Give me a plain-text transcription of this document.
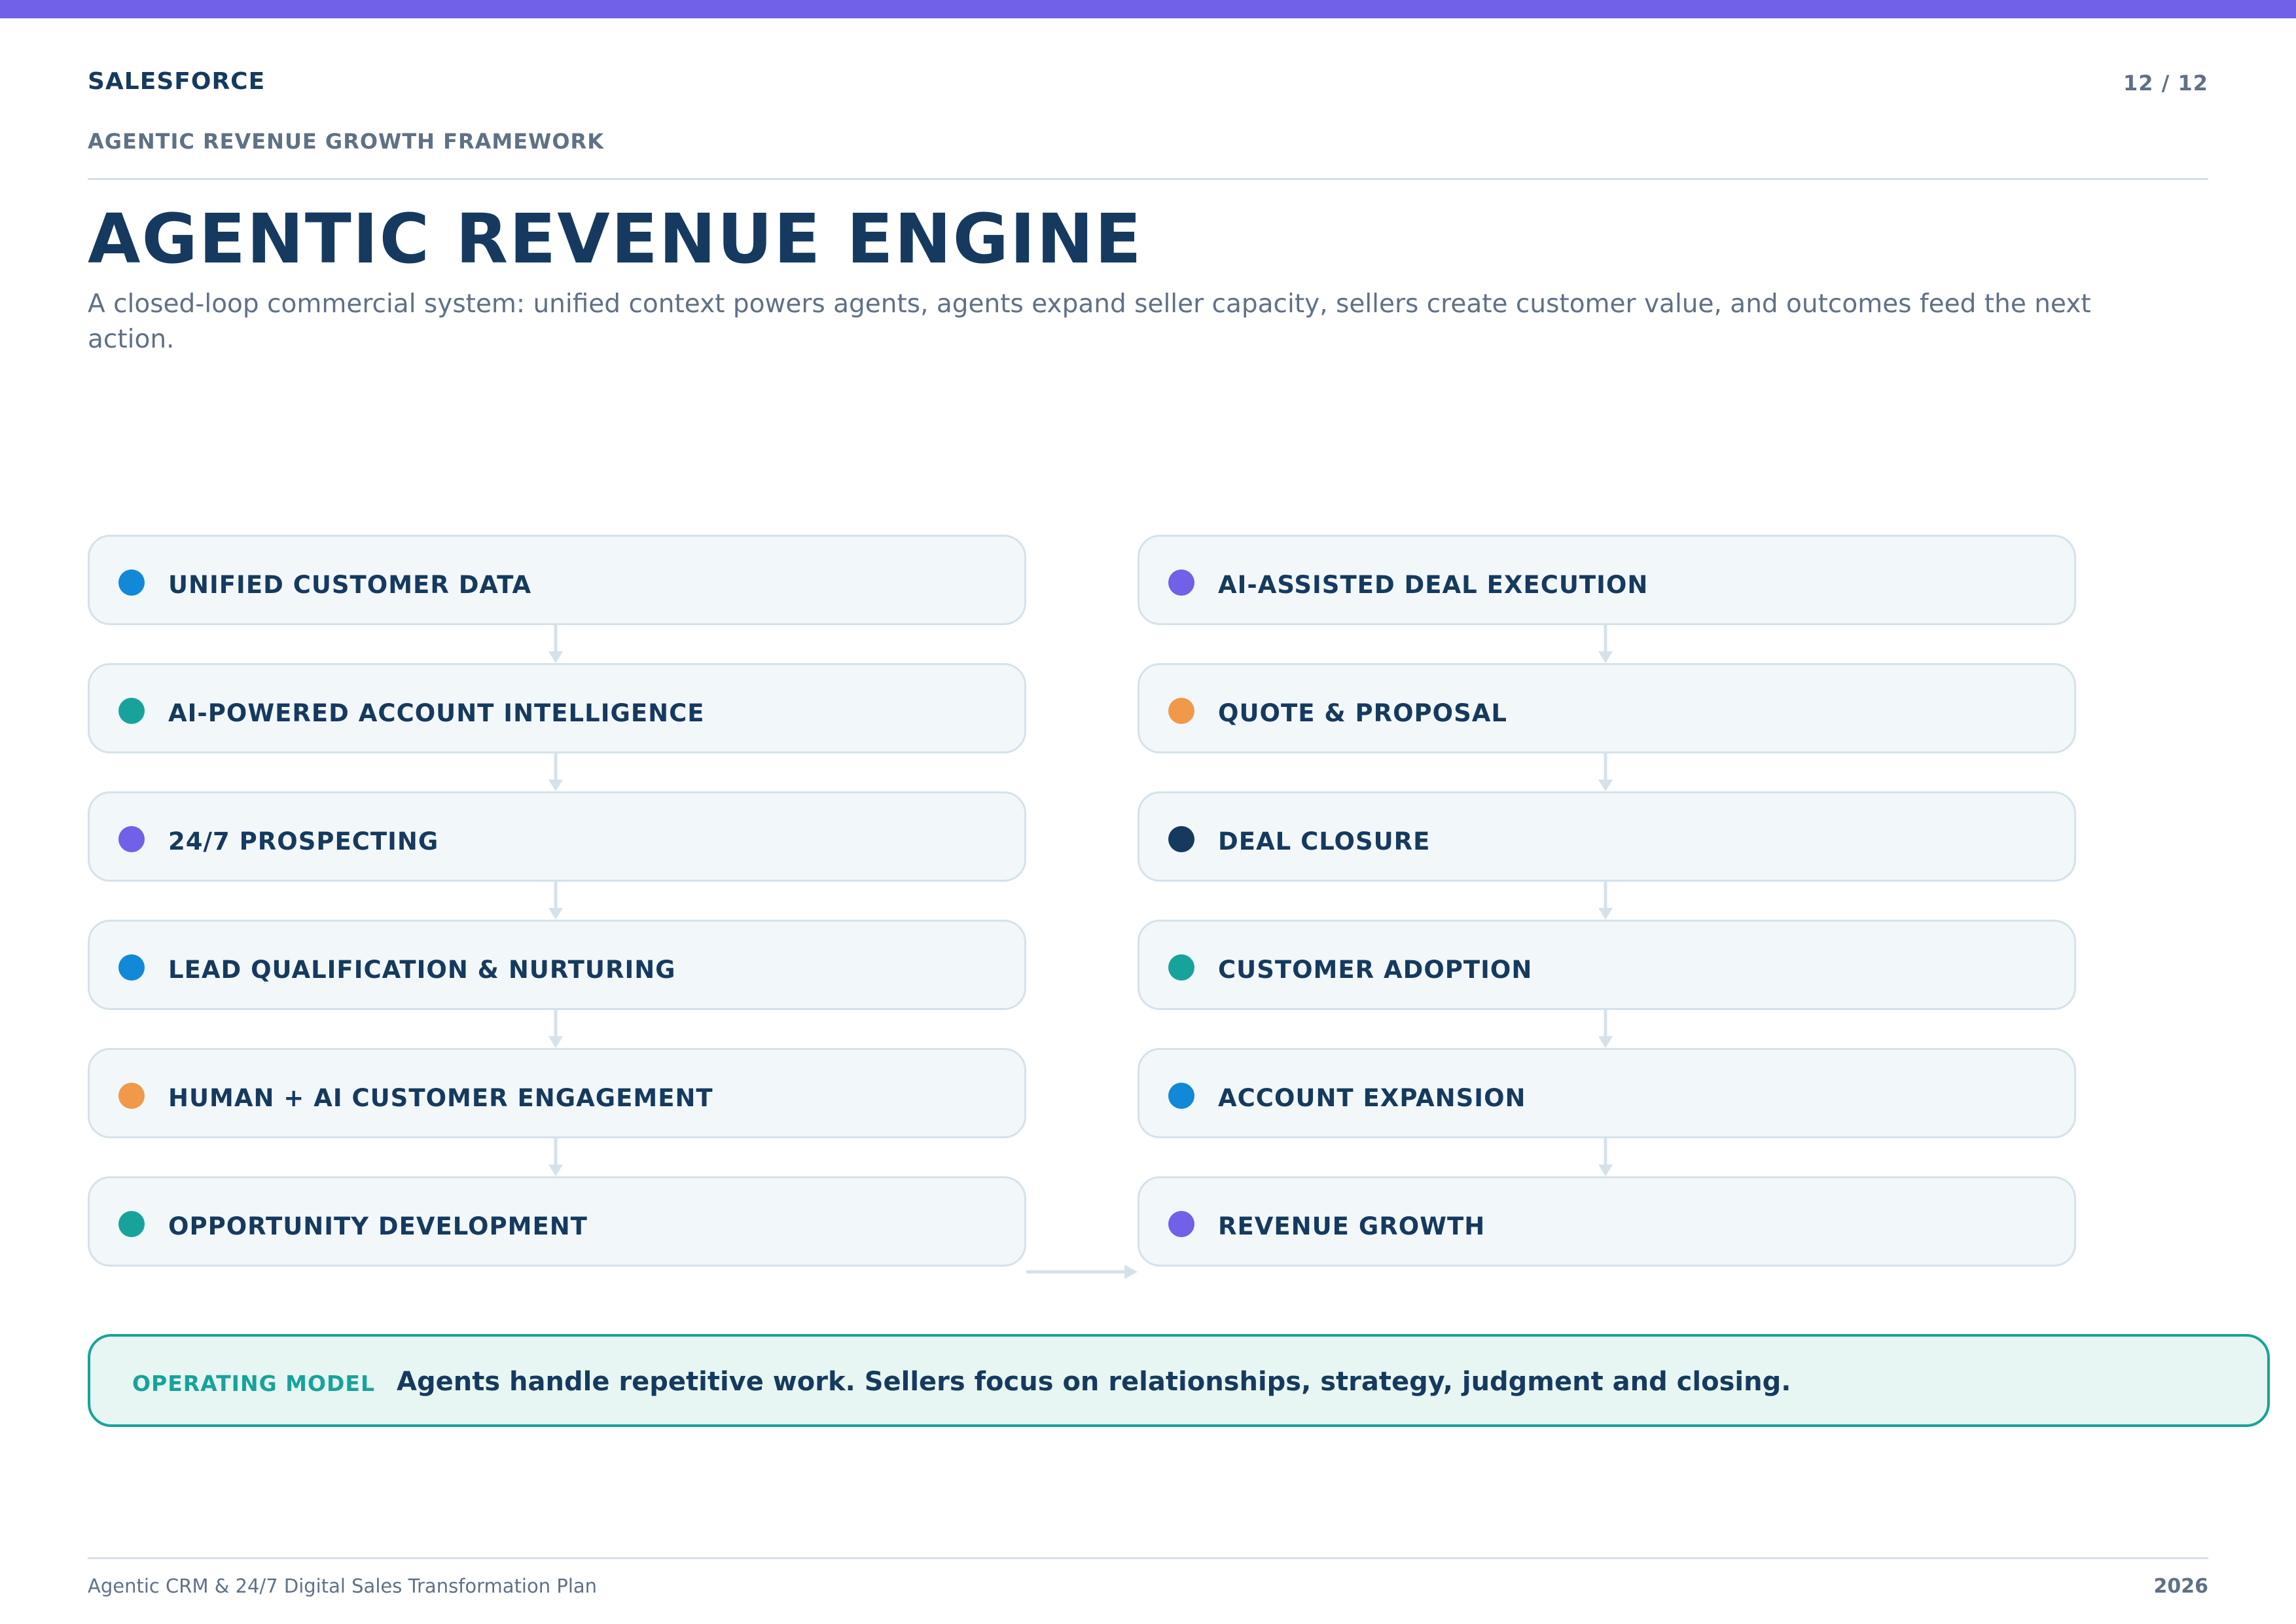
SALESFORCE	12 / 12
AGENTIC REVENUE GROWTH FRAMEWORK
AGENTIC REVENUE ENGINE
A closed-loop commercial system: unified context powers agents, agents expand seller capacity, sellers create customer value, and outcomes feed the next action.
UNIFIED CUSTOMER DATA
AI-POWERED ACCOUNT INTELLIGENCE
24/7 PROSPECTING
LEAD QUALIFICATION & NURTURING
HUMAN + AI CUSTOMER ENGAGEMENT
OPPORTUNITY DEVELOPMENT
AI-ASSISTED DEAL EXECUTION
QUOTE & PROPOSAL
DEAL CLOSURE
CUSTOMER ADOPTION
ACCOUNT EXPANSION
REVENUE GROWTH
OPERATING MODEL Agents handle repetitive work. Sellers focus on relationships, strategy, judgment and closing.
Agentic CRM & 24/7 Digital Sales Transformation Plan	2026
